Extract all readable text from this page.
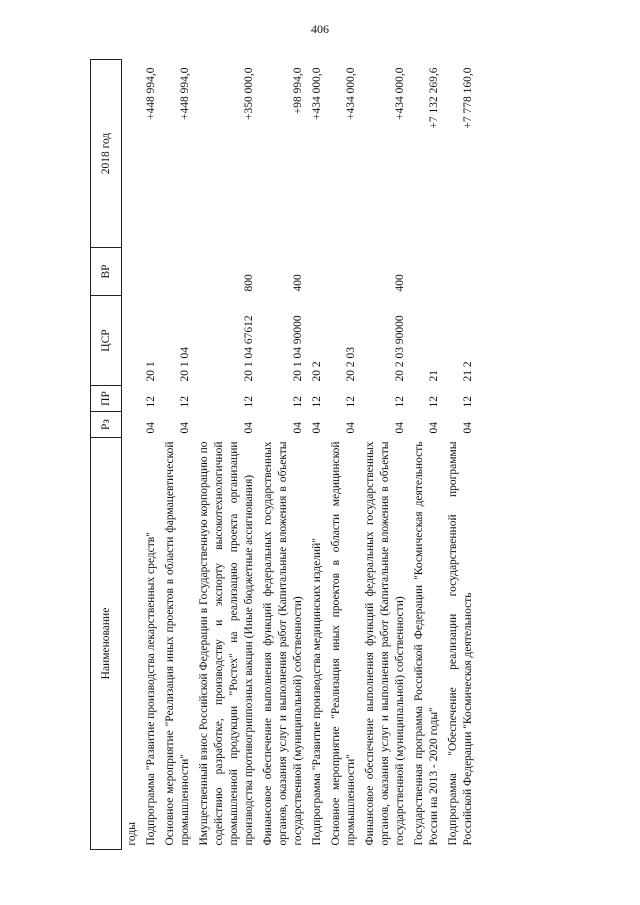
406
Наименование	Рз	ПР	ЦСР	ВР	2018 год
годы					
Подпрограмма "Развитие производства лекарственных средств"	04	12	20 1		+448 994,0
Основное мероприятие "Реализация иных проектов в области фармацевтической промышленности"	04	12	20 1 04		+448 994,0
Имущественный взнос Российской Федерации в Государственную корпорацию по содействию разработке, производству и экспорту высокотехнологичной промышленной продукции "Ростех" на реализацию проекта организации производства противогриппозных вакцин (Иные бюджетные ассигнования)	04	12	20 1 04 67612	800	+350 000,0
Финансовое обеспечение выполнения функций федеральных государственных органов, оказания услуг и выполнения работ (Капитальные вложения в объекты государственной (муниципальной) собственности)	04	12	20 1 04 90000	400	+98 994,0
Подпрограмма "Развитие производства медицинских изделий"	04	12	20 2		+434 000,0
Основное мероприятие "Реализация иных проектов в области медицинской промышленности"	04	12	20 2 03		+434 000,0
Финансовое обеспечение выполнения функций федеральных государственных органов, оказания услуг и выполнения работ (Капитальные вложения в объекты государственной (муниципальной) собственности)	04	12	20 2 03 90000	400	+434 000,0
Государственная программа Российской Федерации "Космическая деятельность России на 2013 - 2020 годы"	04	12	21		+7 132 269,6
Подпрограмма "Обеспечение реализации государственной программы Российской Федерации "Космическая деятельность	04	12	21 2		+7 778 160,0
